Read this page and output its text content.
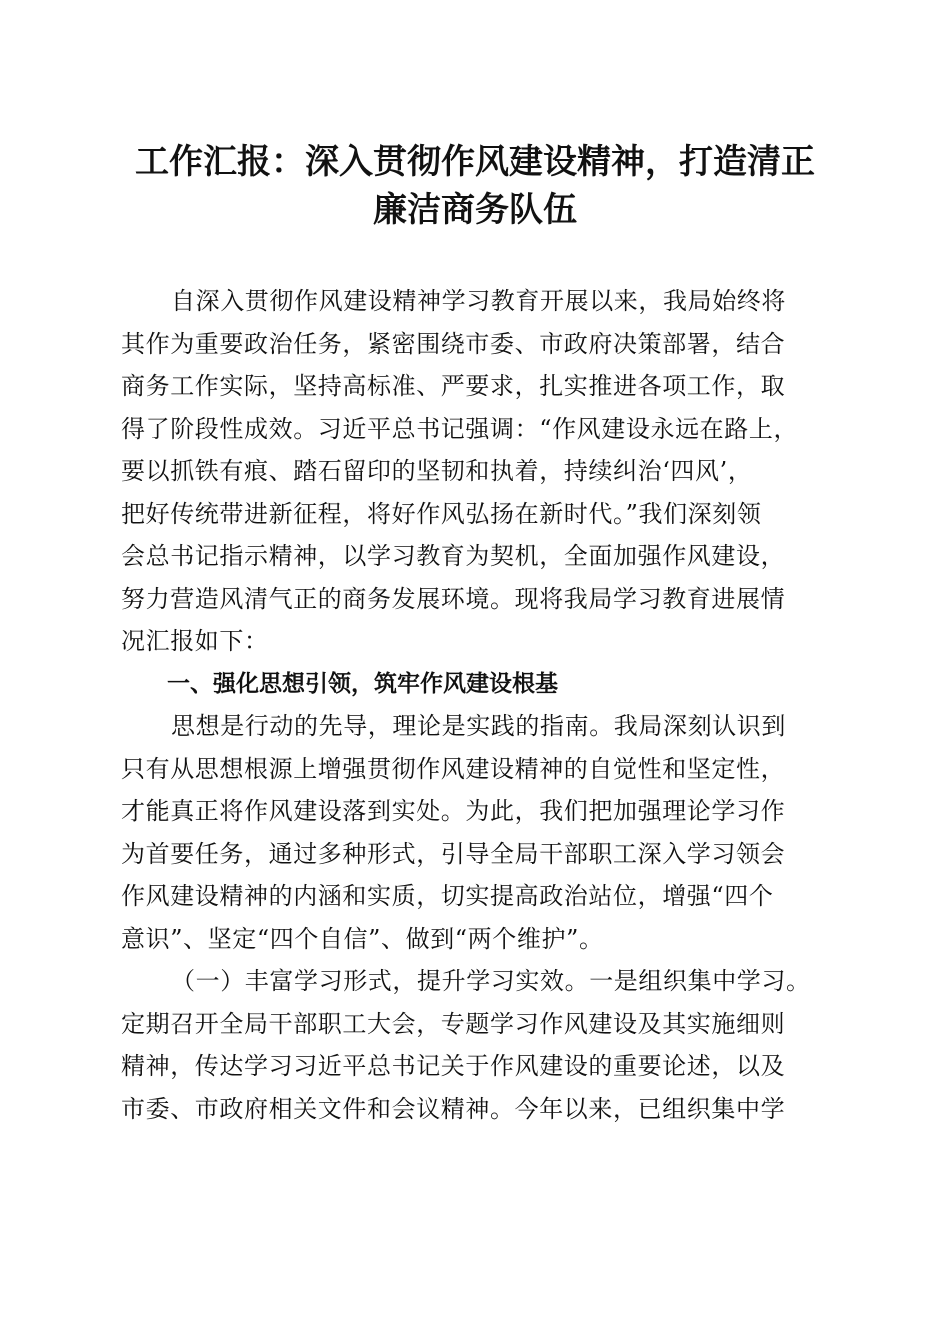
工作汇报：深入贯彻作风建设精神，打造清正
廉洁商务队伍

自深入贯彻作风建设精神学习教育开展以来，我局始终将
其作为重要政治任务，紧密围绕市委、市政府决策部署，结合
商务工作实际，坚持高标准、严要求，扎实推进各项工作，取
得了阶段性成效。习近平总书记强调：“作风建设永远在路上，
要以抓铁有痕、踏石留印的坚韧和执着，持续纠治‘四风’，
把好传统带进新征程，将好作风弘扬在新时代。”我们深刻领
会总书记指示精神，以学习教育为契机，全面加强作风建设，
努力营造风清气正的商务发展环境。现将我局学习教育进展情
况汇报如下：

一、强化思想引领，筑牢作风建设根基

思想是行动的先导，理论是实践的指南。我局深刻认识到
只有从思想根源上增强贯彻作风建设精神的自觉性和坚定性，
才能真正将作风建设落到实处。为此，我们把加强理论学习作
为首要任务，通过多种形式，引导全局干部职工深入学习领会
作风建设精神的内涵和实质，切实提高政治站位，增强“四个
意识”、坚定“四个自信”、做到“两个维护”。

（一）丰富学习形式，提升学习实效。一是组织集中学习。
定期召开全局干部职工大会，专题学习作风建设及其实施细则
精神，传达学习习近平总书记关于作风建设的重要论述，以及
市委、市政府相关文件和会议精神。今年以来，已组织集中学
